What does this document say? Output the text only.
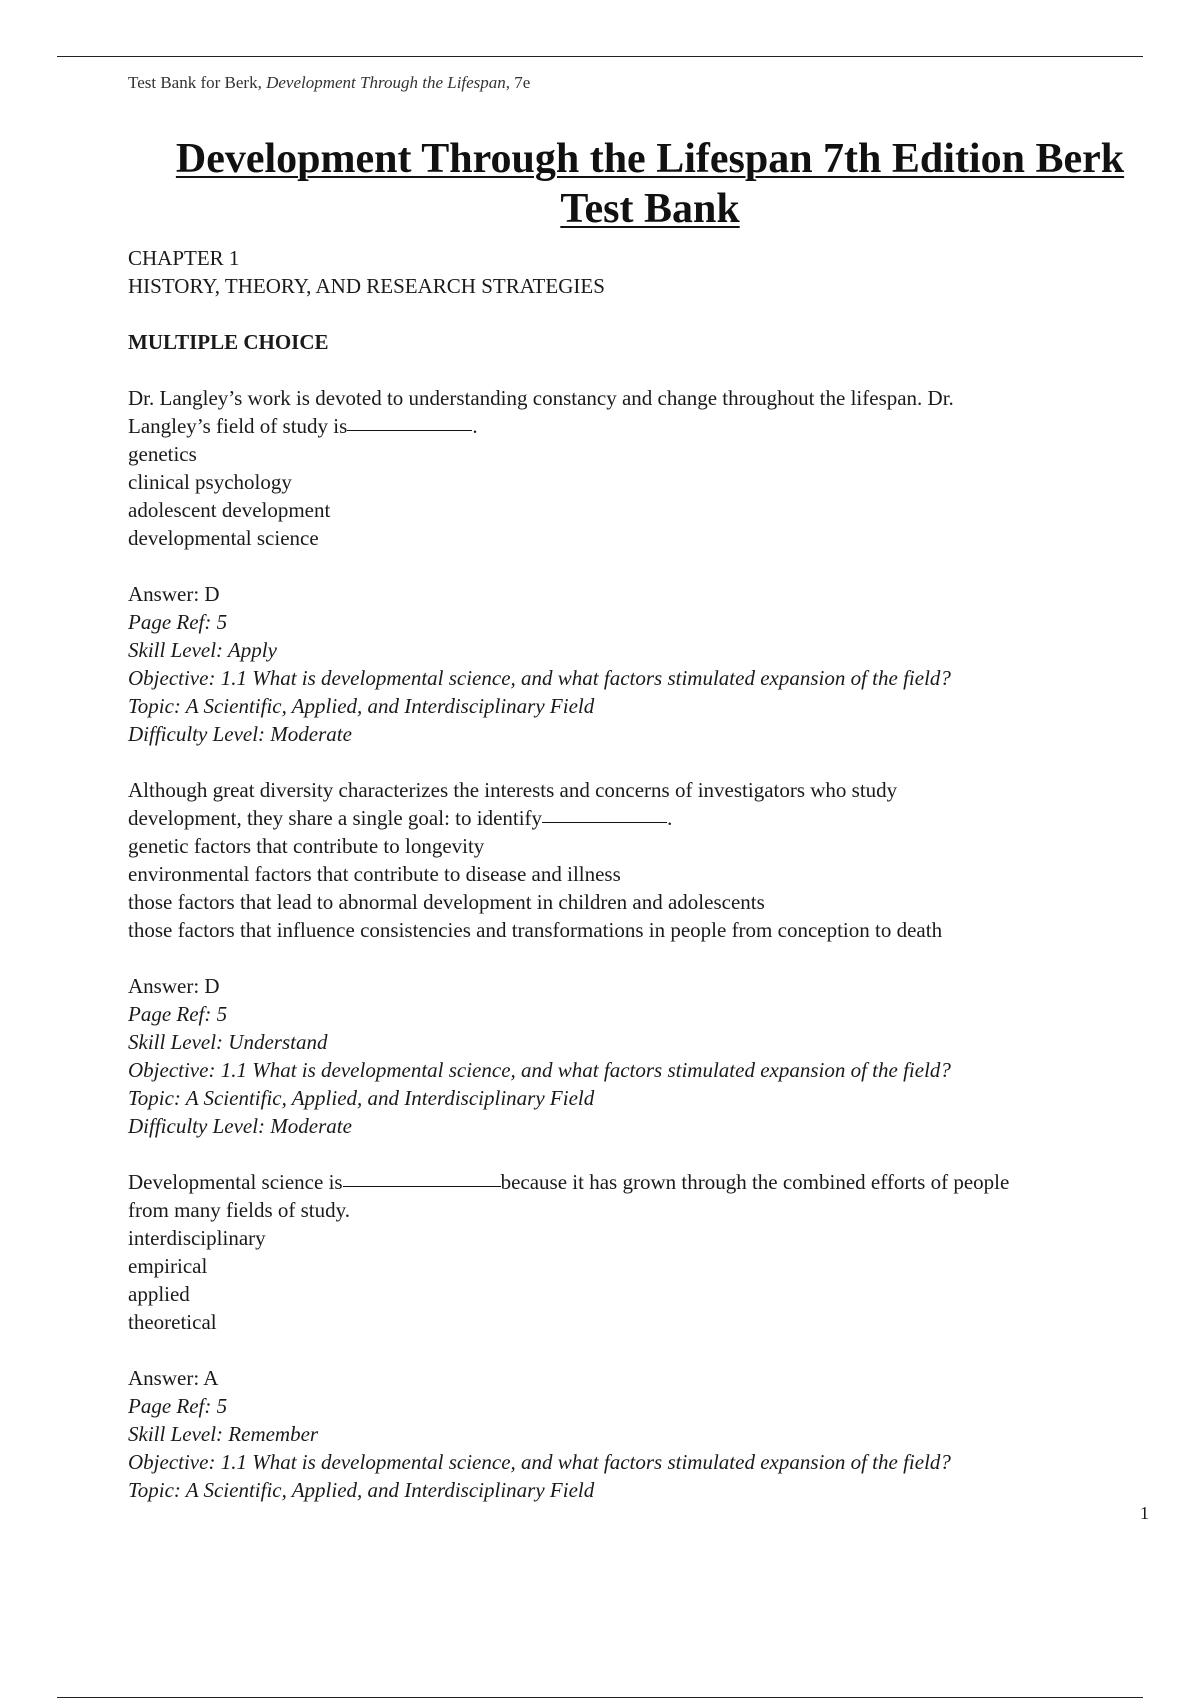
Test Bank for Berk, Development Through the Lifespan, 7e
Development Through the Lifespan 7th Edition Berk
Test Bank
CHAPTER 1
HISTORY, THEORY, AND RESEARCH STRATEGIES
MULTIPLE CHOICE
Dr. Langley’s work is devoted to understanding constancy and change throughout the lifespan. Dr.
Langley’s field of study is	.
genetics
clinical psychology
adolescent development
developmental science
Answer: D
Page Ref: 5
Skill Level: Apply
Objective: 1.1 What is developmental science, and what factors stimulated expansion of the field?
Topic: A Scientific, Applied, and Interdisciplinary Field
Difficulty Level: Moderate
Although great diversity characterizes the interests and concerns of investigators who study
development, they share a single goal: to identify	.
genetic factors that contribute to longevity
environmental factors that contribute to disease and illness
those factors that lead to abnormal development in children and adolescents
those factors that influence consistencies and transformations in people from conception to death
Answer: D
Page Ref: 5
Skill Level: Understand
Objective: 1.1 What is developmental science, and what factors stimulated expansion of the field?
Topic: A Scientific, Applied, and Interdisciplinary Field
Difficulty Level: Moderate
Developmental science is	because it has grown through the combined efforts of people
from many fields of study.
interdisciplinary
empirical
applied
theoretical
Answer: A
Page Ref: 5
Skill Level: Remember
Objective: 1.1 What is developmental science, and what factors stimulated expansion of the field?
Topic: A Scientific, Applied, and Interdisciplinary Field
1
